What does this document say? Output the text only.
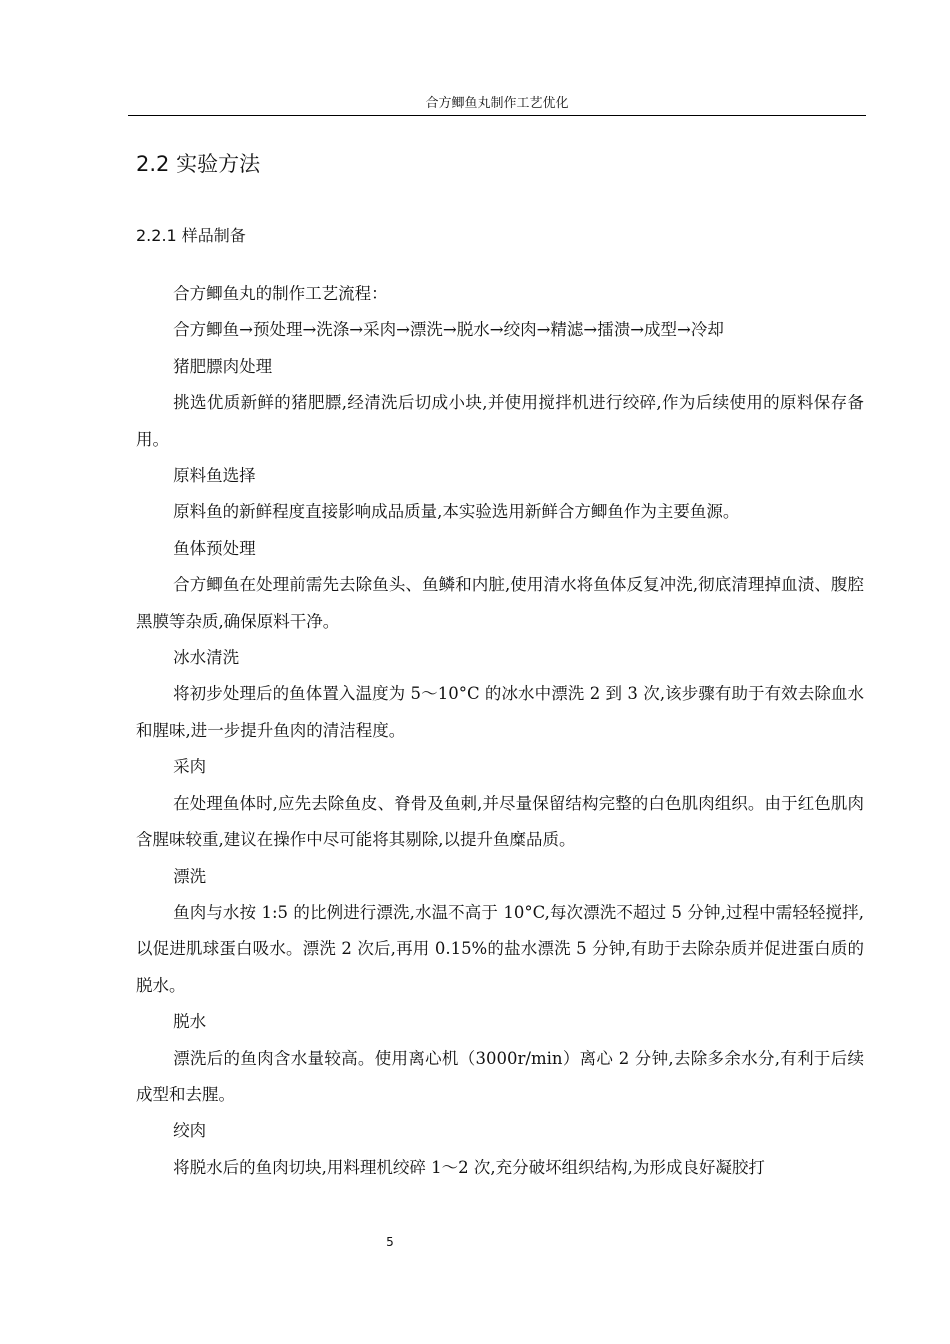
合方鲫鱼丸制作工艺优化
2.2 实验方法
2.2.1 样品制备

合方鲫鱼丸的制作工艺流程：

合方鲫鱼→预处理→洗涤→采肉→漂洗→脱水→绞肉→精滤→擂溃→成型→冷却

猪肥膘肉处理

挑选优质新鲜的猪肥膘,经清洗后切成小块,并使用搅拌机进行绞碎,作为后续使用的原料保存备用。

原料鱼选择

原料鱼的新鲜程度直接影响成品质量,本实验选用新鲜合方鲫鱼作为主要鱼源。

鱼体预处理

合方鲫鱼在处理前需先去除鱼头、鱼鳞和内脏,使用清水将鱼体反复冲洗,彻底清理掉血渍、腹腔黑膜等杂质,确保原料干净。

冰水清洗

将初步处理后的鱼体置入温度为 5～10°C 的冰水中漂洗 2 到 3 次,该步骤有助于有效去除血水和腥味,进一步提升鱼肉的清洁程度。

采肉

在处理鱼体时,应先去除鱼皮、脊骨及鱼刺,并尽量保留结构完整的白色肌肉组织。由于红色肌肉含腥味较重,建议在操作中尽可能将其剔除,以提升鱼糜品质。

漂洗

鱼肉与水按 1:5 的比例进行漂洗,水温不高于 10°C,每次漂洗不超过 5 分钟,过程中需轻轻搅拌,以促进肌球蛋白吸水。漂洗 2 次后,再用 0.15%的盐水漂洗 5 分钟,有助于去除杂质并促进蛋白质的脱水。

脱水

漂洗后的鱼肉含水量较高。使用离心机（3000r/min）离心 2 分钟,去除多余水分,有利于后续成型和去腥。

绞肉

将脱水后的鱼肉切块,用料理机绞碎 1～2 次,充分破坏组织结构,为形成良好凝胶打

5
